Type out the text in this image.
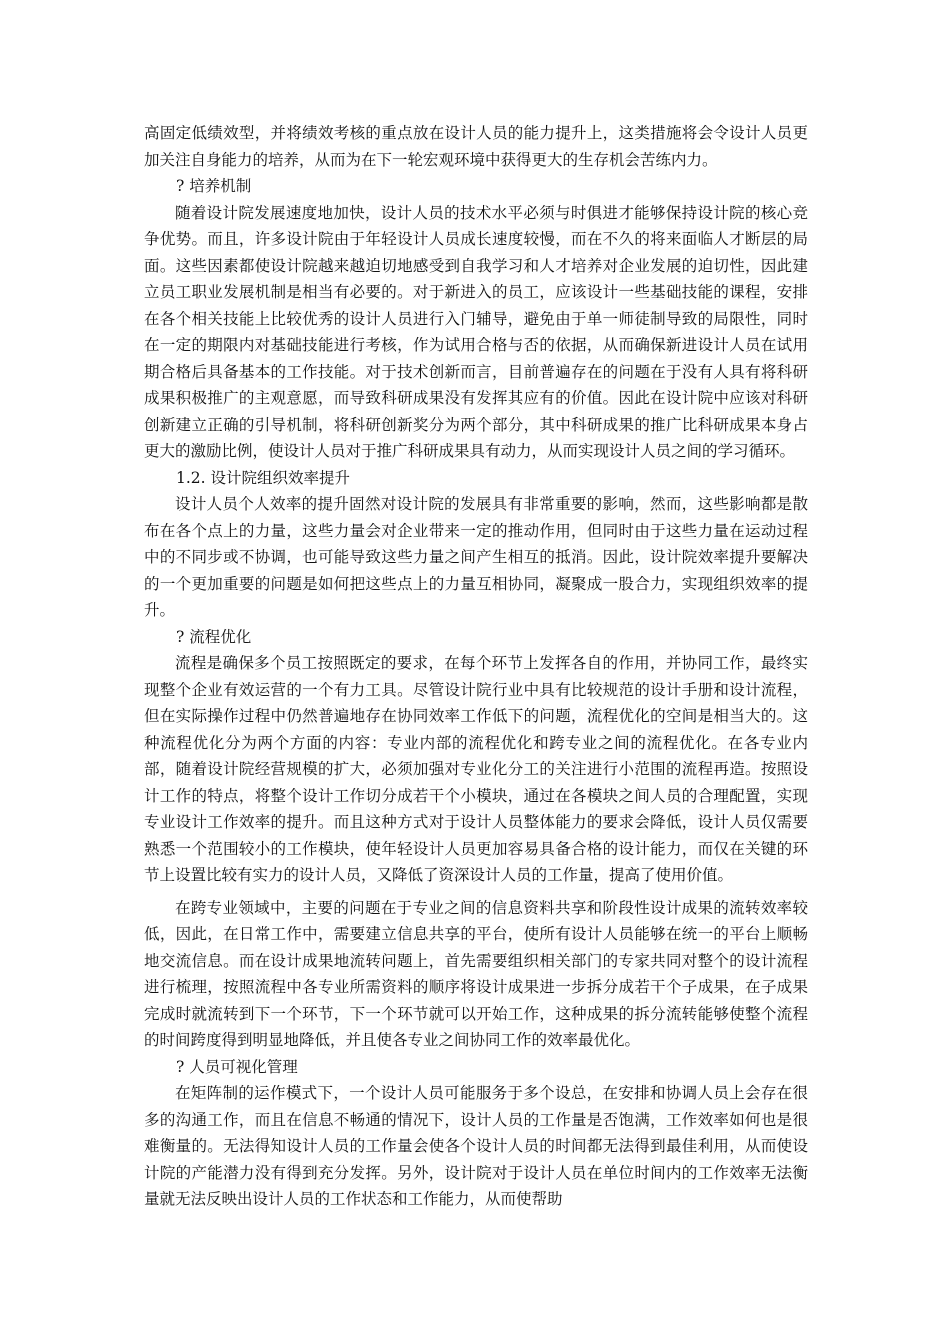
高固定低绩效型，并将绩效考核的重点放在设计人员的能力提升上，这类措施将会令设计人员更加关注自身能力的培养，从而为在下一轮宏观环境中获得更大的生存机会苦练内力。

? 培养机制

随着设计院发展速度地加快，设计人员的技术水平必须与时俱进才能够保持设计院的核心竞争优势。而且，许多设计院由于年轻设计人员成长速度较慢，而在不久的将来面临人才断层的局面。这些因素都使设计院越来越迫切地感受到自我学习和人才培养对企业发展的迫切性，因此建立员工职业发展机制是相当有必要的。对于新进入的员工，应该设计一些基础技能的课程，安排在各个相关技能上比较优秀的设计人员进行入门辅导，避免由于单一师徒制导致的局限性，同时在一定的期限内对基础技能进行考核，作为试用合格与否的依据，从而确保新进设计人员在试用期合格后具备基本的工作技能。对于技术创新而言，目前普遍存在的问题在于没有人具有将科研成果积极推广的主观意愿，而导致科研成果没有发挥其应有的价值。因此在设计院中应该对科研创新建立正确的引导机制，将科研创新奖分为两个部分，其中科研成果的推广比科研成果本身占更大的激励比例，使设计人员对于推广科研成果具有动力，从而实现设计人员之间的学习循环。

1.2. 设计院组织效率提升

设计人员个人效率的提升固然对设计院的发展具有非常重要的影响，然而，这些影响都是散布在各个点上的力量，这些力量会对企业带来一定的推动作用，但同时由于这些力量在运动过程中的不同步或不协调，也可能导致这些力量之间产生相互的抵消。因此，设计院效率提升要解决的一个更加重要的问题是如何把这些点上的力量互相协同，凝聚成一股合力，实现组织效率的提升。

? 流程优化

流程是确保多个员工按照既定的要求，在每个环节上发挥各自的作用，并协同工作，最终实现整个企业有效运营的一个有力工具。尽管设计院行业中具有比较规范的设计手册和设计流程，但在实际操作过程中仍然普遍地存在协同效率工作低下的问题，流程优化的空间是相当大的。这种流程优化分为两个方面的内容：专业内部的流程优化和跨专业之间的流程优化。在各专业内部，随着设计院经营规模的扩大，必须加强对专业化分工的关注进行小范围的流程再造。按照设计工作的特点，将整个设计工作切分成若干个小模块，通过在各模块之间人员的合理配置，实现专业设计工作效率的提升。而且这种方式对于设计人员整体能力的要求会降低，设计人员仅需要熟悉一个范围较小的工作模块，使年轻设计人员更加容易具备合格的设计能力，而仅在关键的环节上设置比较有实力的设计人员，又降低了资深设计人员的工作量，提高了使用价值。

在跨专业领域中，主要的问题在于专业之间的信息资料共享和阶段性设计成果的流转效率较低，因此，在日常工作中，需要建立信息共享的平台，使所有设计人员能够在统一的平台上顺畅地交流信息。而在设计成果地流转问题上，首先需要组织相关部门的专家共同对整个的设计流程进行梳理，按照流程中各专业所需资料的顺序将设计成果进一步拆分成若干个子成果，在子成果完成时就流转到下一个环节，下一个环节就可以开始工作，这种成果的拆分流转能够使整个流程的时间跨度得到明显地降低，并且使各专业之间协同工作的效率最优化。

? 人员可视化管理

在矩阵制的运作模式下，一个设计人员可能服务于多个设总，在安排和协调人员上会存在很多的沟通工作，而且在信息不畅通的情况下，设计人员的工作量是否饱满，工作效率如何也是很难衡量的。无法得知设计人员的工作量会使各个设计人员的时间都无法得到最佳利用，从而使设计院的产能潜力没有得到充分发挥。另外，设计院对于设计人员在单位时间内的工作效率无法衡量就无法反映出设计人员的工作状态和工作能力，从而使帮助
